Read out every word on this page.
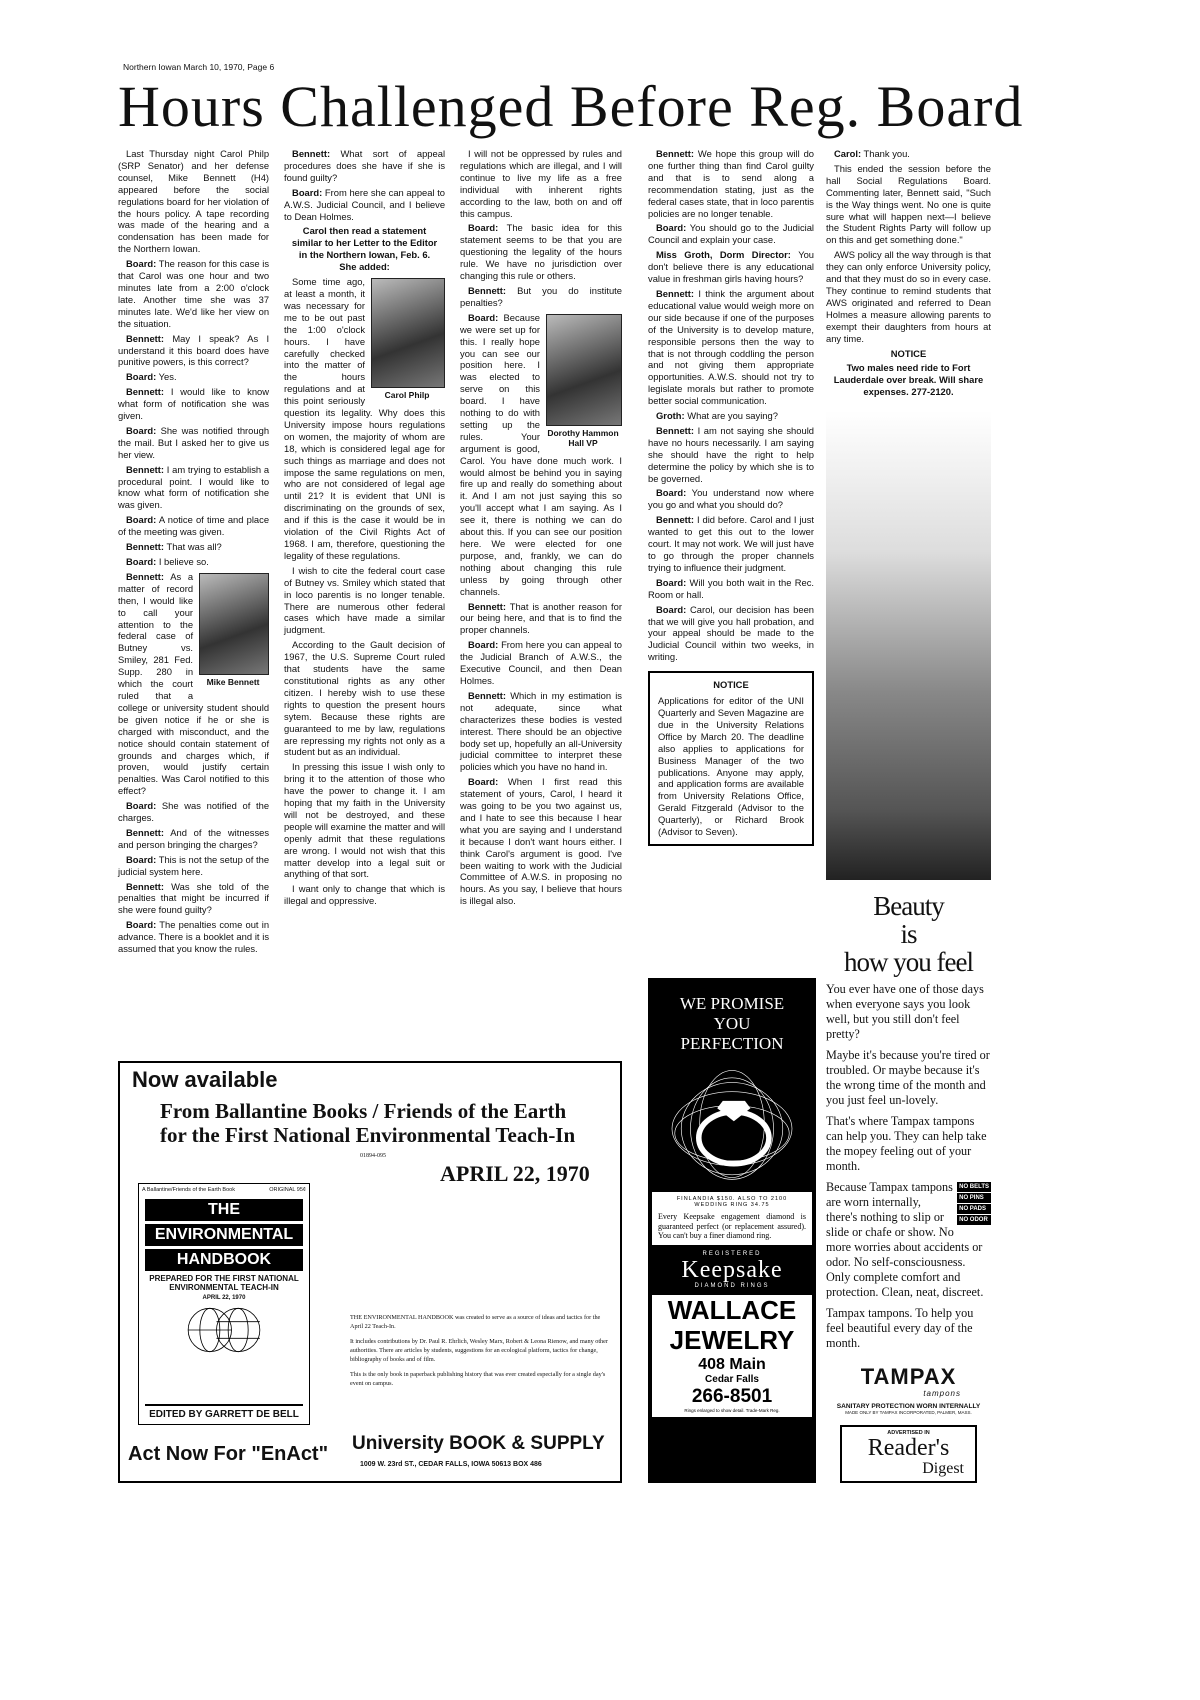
Northern Iowan March 10, 1970, Page 6
Hours Challenged Before Reg. Board

Last Thursday night Carol Philp (SRP Senator) and her defense counsel, Mike Bennett (H4) appeared before the social regulations board for her violation of the hours policy. A tape recording was made of the hearing and a condensation has been made for the Northern Iowan.

Board: The reason for this case is that Carol was one hour and two minutes late from a 2:00 o'clock late. Another time she was 37 minutes late. We'd like her view on the situation.

Bennett: May I speak? As I understand it this board does have punitive powers, is this correct?

Board: Yes.

Bennett: I would like to know what form of notification she was given.

Board: She was notified through the mail. But I asked her to give us her view.

Bennett: I am trying to establish a procedural point. I would like to know what form of notification she was given.

Board: A notice of time and place of the meeting was given.

Bennett: That was all?

Board: I believe so.

Mike Bennett

Bennett: As a matter of record then, I would like to call your attention to the federal case of Butney vs. Smiley, 281 Fed. Supp. 280 in which the court ruled that a college or university student should be given notice if he or she is charged with misconduct, and the notice should contain statement of grounds and charges which, if proven, would justify certain penalties. Was Carol notified to this effect?

Board: She was notified of the charges.

Bennett: And of the witnesses and person bringing the charges?

Board: This is not the setup of the judicial system here.

Bennett: Was she told of the penalties that might be incurred if she were found guilty?

Board: The penalties come out in advance. There is a booklet and it is assumed that you know the rules.

Bennett: What sort of appeal procedures does she have if she is found guilty?

Board: From here she can appeal to A.W.S. Judicial Council, and I believe to Dean Holmes.

Carol then read a statement similar to her Letter to the Editor in the Northern Iowan, Feb. 6. She added:

Carol Philp

Some time ago, at least a month, it was necessary for me to be out past the 1:00 o'clock hours. I have carefully checked into the matter of the hours regulations and at this point seriously question its legality. Why does this University impose hours regulations on women, the majority of whom are 18, which is considered legal age for such things as marriage and does not impose the same regulations on men, who are not considered of legal age until 21? It is evident that UNI is discriminating on the grounds of sex, and if this is the case it would be in violation of the Civil Rights Act of 1968. I am, therefore, questioning the legality of these regulations.

I wish to cite the federal court case of Butney vs. Smiley which stated that in loco parentis is no longer tenable. There are numerous other federal cases which have made a similar judgment.

According to the Gault decision of 1967, the U.S. Supreme Court ruled that students have the same constitutional rights as any other citizen. I hereby wish to use these rights to question the present hours sytem. Because these rights are guaranteed to me by law, regulations are repressing my rights not only as a student but as an individual.

In pressing this issue I wish only to bring it to the attention of those who have the power to change it. I am hoping that my faith in the University will not be destroyed, and these people will examine the matter and will openly admit that these regulations are wrong. I would not wish that this matter develop into a legal suit or anything of that sort.

I want only to change that which is illegal and oppressive.

I will not be oppressed by rules and regulations which are illegal, and I will continue to live my life as a free individual with inherent rights according to the law, both on and off this campus.

Board: The basic idea for this statement seems to be that you are questioning the legality of the hours rule. We have no jurisdiction over changing this rule or others.

Bennett: But you do institute penalties?

Dorothy Hammon Hall VP

Board: Because we were set up for this. I really hope you can see our position here. I was elected to serve on this board. I have nothing to do with setting up the rules. Your argument is good, Carol. You have done much work. I would almost be behind you in saying fire up and really do something about it. And I am not just saying this so you'll accept what I am saying. As I see it, there is nothing we can do about this. If you can see our position here. We were elected for one purpose, and, frankly, we can do nothing about changing this rule unless by going through other channels.

Bennett: That is another reason for our being here, and that is to find the proper channels.

Board: From here you can appeal to the Judicial Branch of A.W.S., the Executive Council, and then Dean Holmes.

Bennett: Which in my estimation is not adequate, since what characterizes these bodies is vested interest. There should be an objective body set up, hopefully an all-University judicial committee to interpret these policies which you have no hand in.

Board: When I first read this statement of yours, Carol, I heard it was going to be you two against us, and I hate to see this because I hear what you are saying and I understand it because I don't want hours either. I think Carol's argument is good. I've been waiting to work with the Judicial Committee of A.W.S. in proposing no hours. As you say, I believe that hours is illegal also.

Now available
From Ballantine Books / Friends of the Earth
for the First National Environmental Teach-In
01894-095
APRIL 22, 1970
A Ballantine/Friends of the Earth Book	ORIGINAL 95¢
THE
ENVIRONMENTAL
HANDBOOK
PREPARED FOR THE FIRST NATIONAL ENVIRONMENTAL TEACH-IN
APRIL 22, 1970
EDITED BY GARRETT DE BELL

THE ENVIRONMENTAL HANDBOOK was created to serve as a source of ideas and tactics for the April 22 Teach-In.

It includes contributions by Dr. Paul R. Ehrlich, Wesley Marx, Robert & Leona Rienow, and many other authorities. There are articles by students, suggestions for an ecological platform, tactics for change, bibliography of books and of film.

This is the only book in paperback publishing history that was ever created especially for a single day's event on campus.

Act Now For "EnAct" University BOOK & SUPPLY
1009 W. 23rd ST., CEDAR FALLS, IOWA 50613 BOX 486

Bennett: We hope this group will do one further thing than find Carol guilty and that is to send along a recommendation stating, just as the federal cases state, that in loco parentis policies are no longer tenable.

Board: You should go to the Judicial Council and explain your case.

Miss Groth, Dorm Director: You don't believe there is any educational value in freshman girls having hours?

Bennett: I think the argument about educational value would weigh more on our side because if one of the purposes of the University is to develop mature, responsible persons then the way to that is not through coddling the person and not giving them appropriate opportunities. A.W.S. should not try to legislate morals but rather to promote better social communication.

Groth: What are you saying?

Bennett: I am not saying she should have no hours necessarily. I am saying she should have the right to help determine the policy by which she is to be governed.

Board: You understand now where you go and what you should do?

Bennett: I did before. Carol and I just wanted to get this out to the lower court. It may not work. We will just have to go through the proper channels trying to influence their judgment.

Board: Will you both wait in the Rec. Room or hall.

Board: Carol, our decision has been that we will give you hall probation, and your appeal should be made to the Judicial Council within two weeks, in writing.

NOTICE
Applications for editor of the UNI Quarterly and Seven Magazine are due in the University Relations Office by March 20. The deadline also applies to applications for Business Manager of the two publications. Anyone may apply, and application forms are available from University Relations Office, Gerald Fitzgerald (Advisor to the Quarterly), or Richard Brook (Advisor to Seven).
WE PROMISE
YOU
PERFECTION
FINLANDIA $150. ALSO TO 2100
WEDDING RING 34.75
Every Keepsake engagement diamond is guaranteed perfect (or replacement assured). You can't buy a finer diamond ring.
REGISTERED
Keepsake
DIAMOND RINGS
WALLACE
JEWELRY
408 Main
Cedar Falls
266-8501
Rings enlarged to show detail. Trade-Mark Reg.

Carol: Thank you.

This ended the session before the hall Social Regulations Board. Commenting later, Bennett said, "Such is the Way things went. No one is quite sure what will happen next—I believe the Student Rights Party will follow up on this and get something done."

AWS policy all the way through is that they can only enforce University policy, and that they must do so in every case. They continue to remind students that AWS originated and referred to Dean Holmes a measure allowing parents to exempt their daughters from hours at any time.

NOTICE

Two males need ride to Fort Lauderdale over break. Will share expenses. 277-2120.

Beauty
is
how you feel
You ever have one of those days when everyone says you look well, but you still don't feel pretty?
Maybe it's because you're tired or troubled. Or maybe because it's the wrong time of the month and you just feel un-lovely.
That's where Tampax tampons can help you. They can help take the mopey feeling out of your month.
NO BELTS
NO PINS
NO PADS
NO ODOR
Because Tampax tampons are worn internally, there's nothing to slip or slide or chafe or show. No more worries about accidents or odor. No self-consciousness. Only complete comfort and protection. Clean, neat, discreet.
Tampax tampons. To help you feel beautiful every day of the month.
TAMPAX
tampons
SANITARY PROTECTION WORN INTERNALLY
MADE ONLY BY TAMPAX INCORPORATED, PALMER, MASS.
ADVERTISED IN
Reader's
Digest
